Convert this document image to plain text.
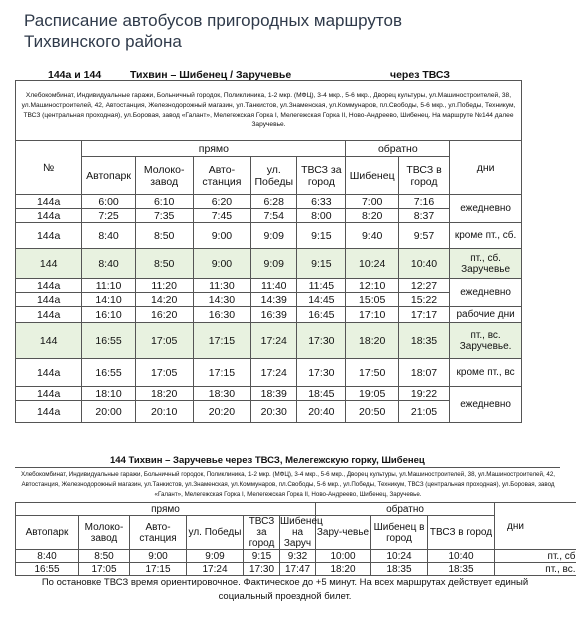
Расписание автобусов пригородных маршрутов
Тихвинского района
144а и 144	Тихвин – Шибенец / Заручевье	через ТВСЗ
Хлебокомбинат, Индивидуальные гаражи, Больничный городок, Поликлиника, 1-2 мкр. (МФЦ), 3-4 мкр., 5-6 мкр., Дворец культуры, ул.Машиностроителей, 38, ул.Машиностроителей, 42, Автостанция, Железнодорожный магазин, ул.Танкистов, ул.Знаменская, ул.Коммунаров, пл.Свободы, 5-6 мкр., ул.Победы, Техникум, ТВСЗ (центральная проходная), ул.Боровая, завод «Галант», Мелегежская Горка I, Мелегежская Горка II, Ново-Андреево, Шибенец. На маршруте №144 далее Заручевье.								
№	прямо					обратно		дни
	Автопарк	Молоко-завод	Авто-станция	ул. Победы	ТВСЗ за город	Шибенец	ТВСЗ в город	
144а	6:00	6:10	6:20	6:28	6:33	7:00	7:16	ежедневно
144а	7:25	7:35	7:45	7:54	8:00	8:20	8:37	
144а	8:40	8:50	9:00	9:09	9:15	9:40	9:57	кроме пт., сб.
144	8:40	8:50	9:00	9:09	9:15	10:24	10:40	пт., сб. Заручевье
144а	11:10	11:20	11:30	11:40	11:45	12:10	12:27	ежедневно
144а	14:10	14:20	14:30	14:39	14:45	15:05	15:22	
144а	16:10	16:20	16:30	16:39	16:45	17:10	17:17	рабочие дни
144	16:55	17:05	17:15	17:24	17:30	18:20	18:35	пт., вс. Заручевье.
144а	16:55	17:05	17:15	17:24	17:30	17:50	18:07	кроме пт., вс
144а	18:10	18:20	18:30	18:39	18:45	19:05	19:22	ежедневно
144а	20:00	20:10	20:20	20:30	20:40	20:50	21:05	
144 Тихвин – Заручевье через ТВСЗ, Мелегежскую горку, Шибенец
Хлебокомбинат, Индивидуальные гаражи, Больничный городок, Поликлиника, 1-2 мкр. (МФЦ), 3-4 мкр., 5-6 мкр., Дворец культуры, ул.Машиностроителей, 38, ул.Машиностроителей, 42, Автостанция, Железнодорожный магазин, ул.Танкистов, ул.Знаменская, ул.Коммунаров, пл.Свободы, 5-6 мкр., ул.Победы, Техникум, ТВСЗ (центральная проходная), ул.Боровая, завод «Галант», Мелегежская Горка I, Мелегежская Горка II, Ново-Андреево, Шибенец, Заручевье.
прямо						обратно			дни
Автопарк	Молоко-завод	Авто-станция	ул. Победы	ТВСЗ за город	Шибенец на Заруч	Зару-чевье	Шибенец в город	ТВСЗ в город	
8:40	8:50	9:00	9:09	9:15	9:32	10:00	10:24	10:40	пт., сб
16:55	17:05	17:15	17:24	17:30	17:47	18:20	18:35	18:35	пт., вс.
По остановке ТВСЗ время ориентировочное. Фактическое до +5 минут. На всех маршрутах действует единый социальный проездной билет.
